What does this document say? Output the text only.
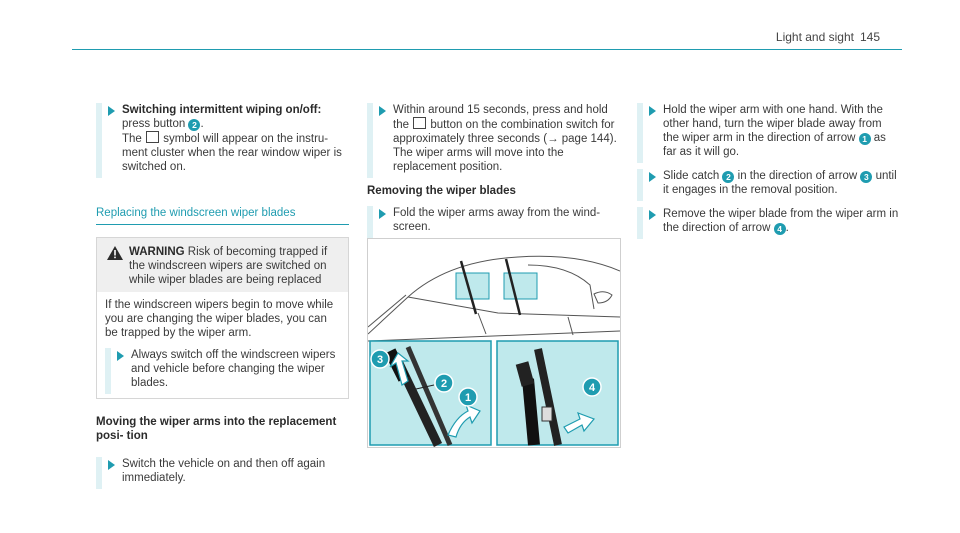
Light and sight 145
Switching intermittent wiping on/off: press button 2 .
The  symbol will appear on the instru- ment cluster when the rear window wiper is switched on.
Replacing the windscreen wiper blades
WARNING Risk of becoming trapped if the windscreen wipers are switched on while wiper blades are being replaced
If the windscreen wipers begin to move while you are changing the wiper blades, you can be trapped by the wiper arm.
Always switch off the windscreen wipers and vehicle before changing the wiper blades.
Moving the wiper arms into the replacement posi- tion
Switch the vehicle on and then off again immediately.
Within around 15 seconds, press and hold the  button on the combination switch for approximately three seconds (→ page 144). The wiper arms will move into the replacement position.
Removing the wiper blades
Fold the wiper arms away from the wind- screen.
3
2
1
4
Hold the wiper arm with one hand. With the other hand, turn the wiper blade away from the wiper arm in the direction of arrow 1 as far as it will go.
Slide catch 2 in the direction of arrow 3 until it engages in the removal position.
Remove the wiper blade from the wiper arm in the direction of arrow 4 .
